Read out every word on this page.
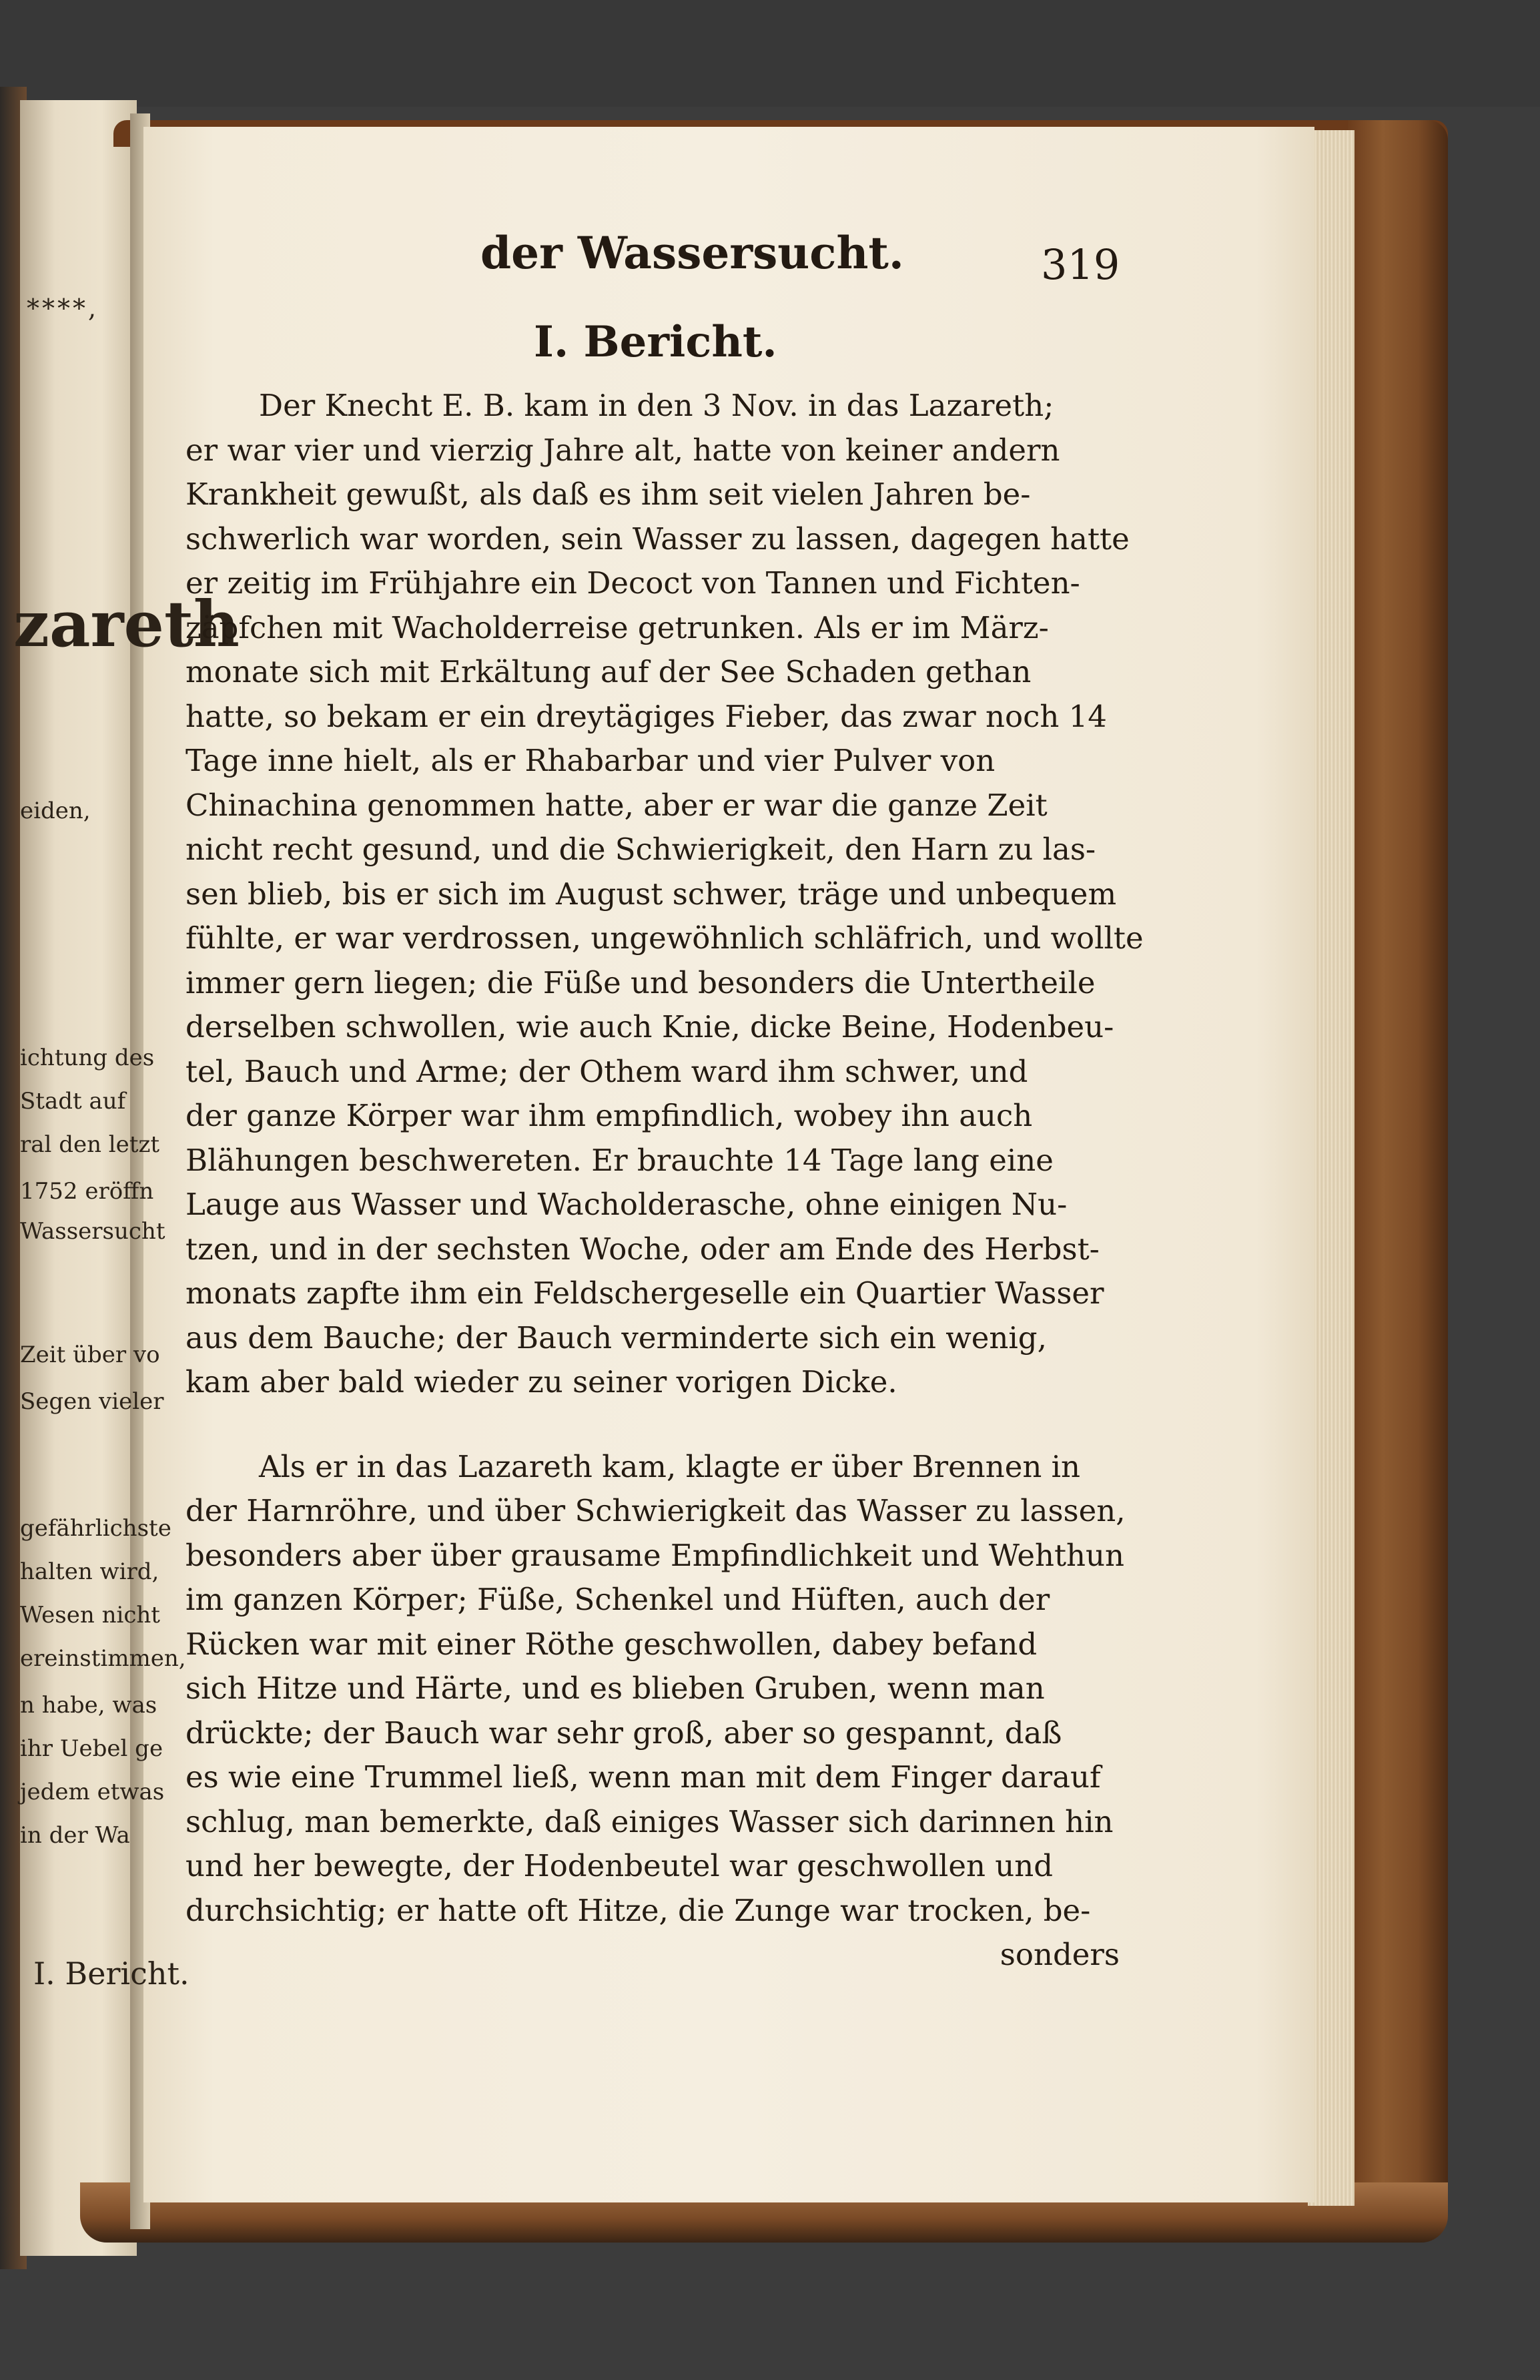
****,
zareth
eiden,
ichtung des
Stadt auf
ral den letzt
1752 eröffn
Wassersucht
Zeit über vo
Segen vieler
gefährlichste
halten wird,
Wesen nicht
ereinstimmen,
n habe, was
ihr Uebel ge
jedem etwas
in der Wa
I. Bericht.
der Wassersucht.	319
I. Bericht.
Der Knecht E. B. kam in den 3 Nov. in das Lazareth;
er war vier und vierzig Jahre alt, hatte von keiner andern
Krankheit gewußt, als daß es ihm seit vielen Jahren be-
schwerlich war worden, sein Wasser zu lassen, dagegen hatte
er zeitig im Frühjahre ein Decoct von Tannen und Fichten-
zäpfchen mit Wacholderreise getrunken. Als er im März-
monate sich mit Erkältung auf der See Schaden gethan
hatte, so bekam er ein dreytägiges Fieber, das zwar noch 14
Tage inne hielt, als er Rhabarbar und vier Pulver von
Chinachina genommen hatte, aber er war die ganze Zeit
nicht recht gesund, und die Schwierigkeit, den Harn zu las-
sen blieb, bis er sich im August schwer, träge und unbequem
fühlte, er war verdrossen, ungewöhnlich schläfrich, und wollte
immer gern liegen; die Füße und besonders die Untertheile
derselben schwollen, wie auch Knie, dicke Beine, Hodenbeu-
tel, Bauch und Arme; der Othem ward ihm schwer, und
der ganze Körper war ihm empfindlich, wobey ihn auch
Blähungen beschwereten. Er brauchte 14 Tage lang eine
Lauge aus Wasser und Wacholderasche, ohne einigen Nu-
tzen, und in der sechsten Woche, oder am Ende des Herbst-
monats zapfte ihm ein Feldschergeselle ein Quartier Wasser
aus dem Bauche; der Bauch verminderte sich ein wenig,
kam aber bald wieder zu seiner vorigen Dicke.
Als er in das Lazareth kam, klagte er über Brennen in
der Harnröhre, und über Schwierigkeit das Wasser zu lassen,
besonders aber über grausame Empfindlichkeit und Wehthun
im ganzen Körper; Füße, Schenkel und Hüften, auch der
Rücken war mit einer Röthe geschwollen, dabey befand
sich Hitze und Härte, und es blieben Gruben, wenn man
drückte; der Bauch war sehr groß, aber so gespannt, daß
es wie eine Trummel ließ, wenn man mit dem Finger darauf
schlug, man bemerkte, daß einiges Wasser sich darinnen hin
und her bewegte, der Hodenbeutel war geschwollen und
durchsichtig; er hatte oft Hitze, die Zunge war trocken, be-
sonders
